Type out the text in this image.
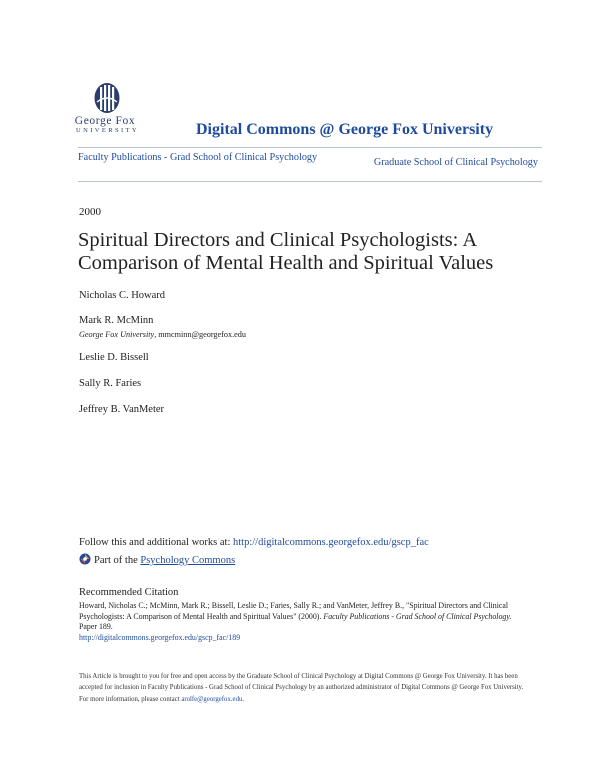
George Fox
UNIVERSITY	Digital Commons @ George Fox University
Faculty Publications - Grad School of Clinical Psychology	Graduate School of Clinical Psychology
2000
Spiritual Directors and Clinical Psychologists: A Comparison of Mental Health and Spiritual Values
Nicholas C. Howard
Mark R. McMinn
George Fox University, mmcminn@georgefox.edu
Leslie D. Bissell
Sally R. Faries
Jeffrey B. VanMeter
Follow this and additional works at: http://digitalcommons.georgefox.edu/gscp_fac
Part of the Psychology Commons
Recommended Citation
Howard, Nicholas C.; McMinn, Mark R.; Bissell, Leslie D.; Faries, Sally R.; and VanMeter, Jeffrey B., "Spiritual Directors and Clinical Psychologists: A Comparison of Mental Health and Spiritual Values" (2000). Faculty Publications - Grad School of Clinical Psychology. Paper 189.
http://digitalcommons.georgefox.edu/gscp_fac/189
This Article is brought to you for free and open access by the Graduate School of Clinical Psychology at Digital Commons @ George Fox University. It has been accepted for inclusion in Faculty Publications - Grad School of Clinical Psychology by an authorized administrator of Digital Commons @ George Fox University. For more information, please contact arolfe@georgefox.edu.
